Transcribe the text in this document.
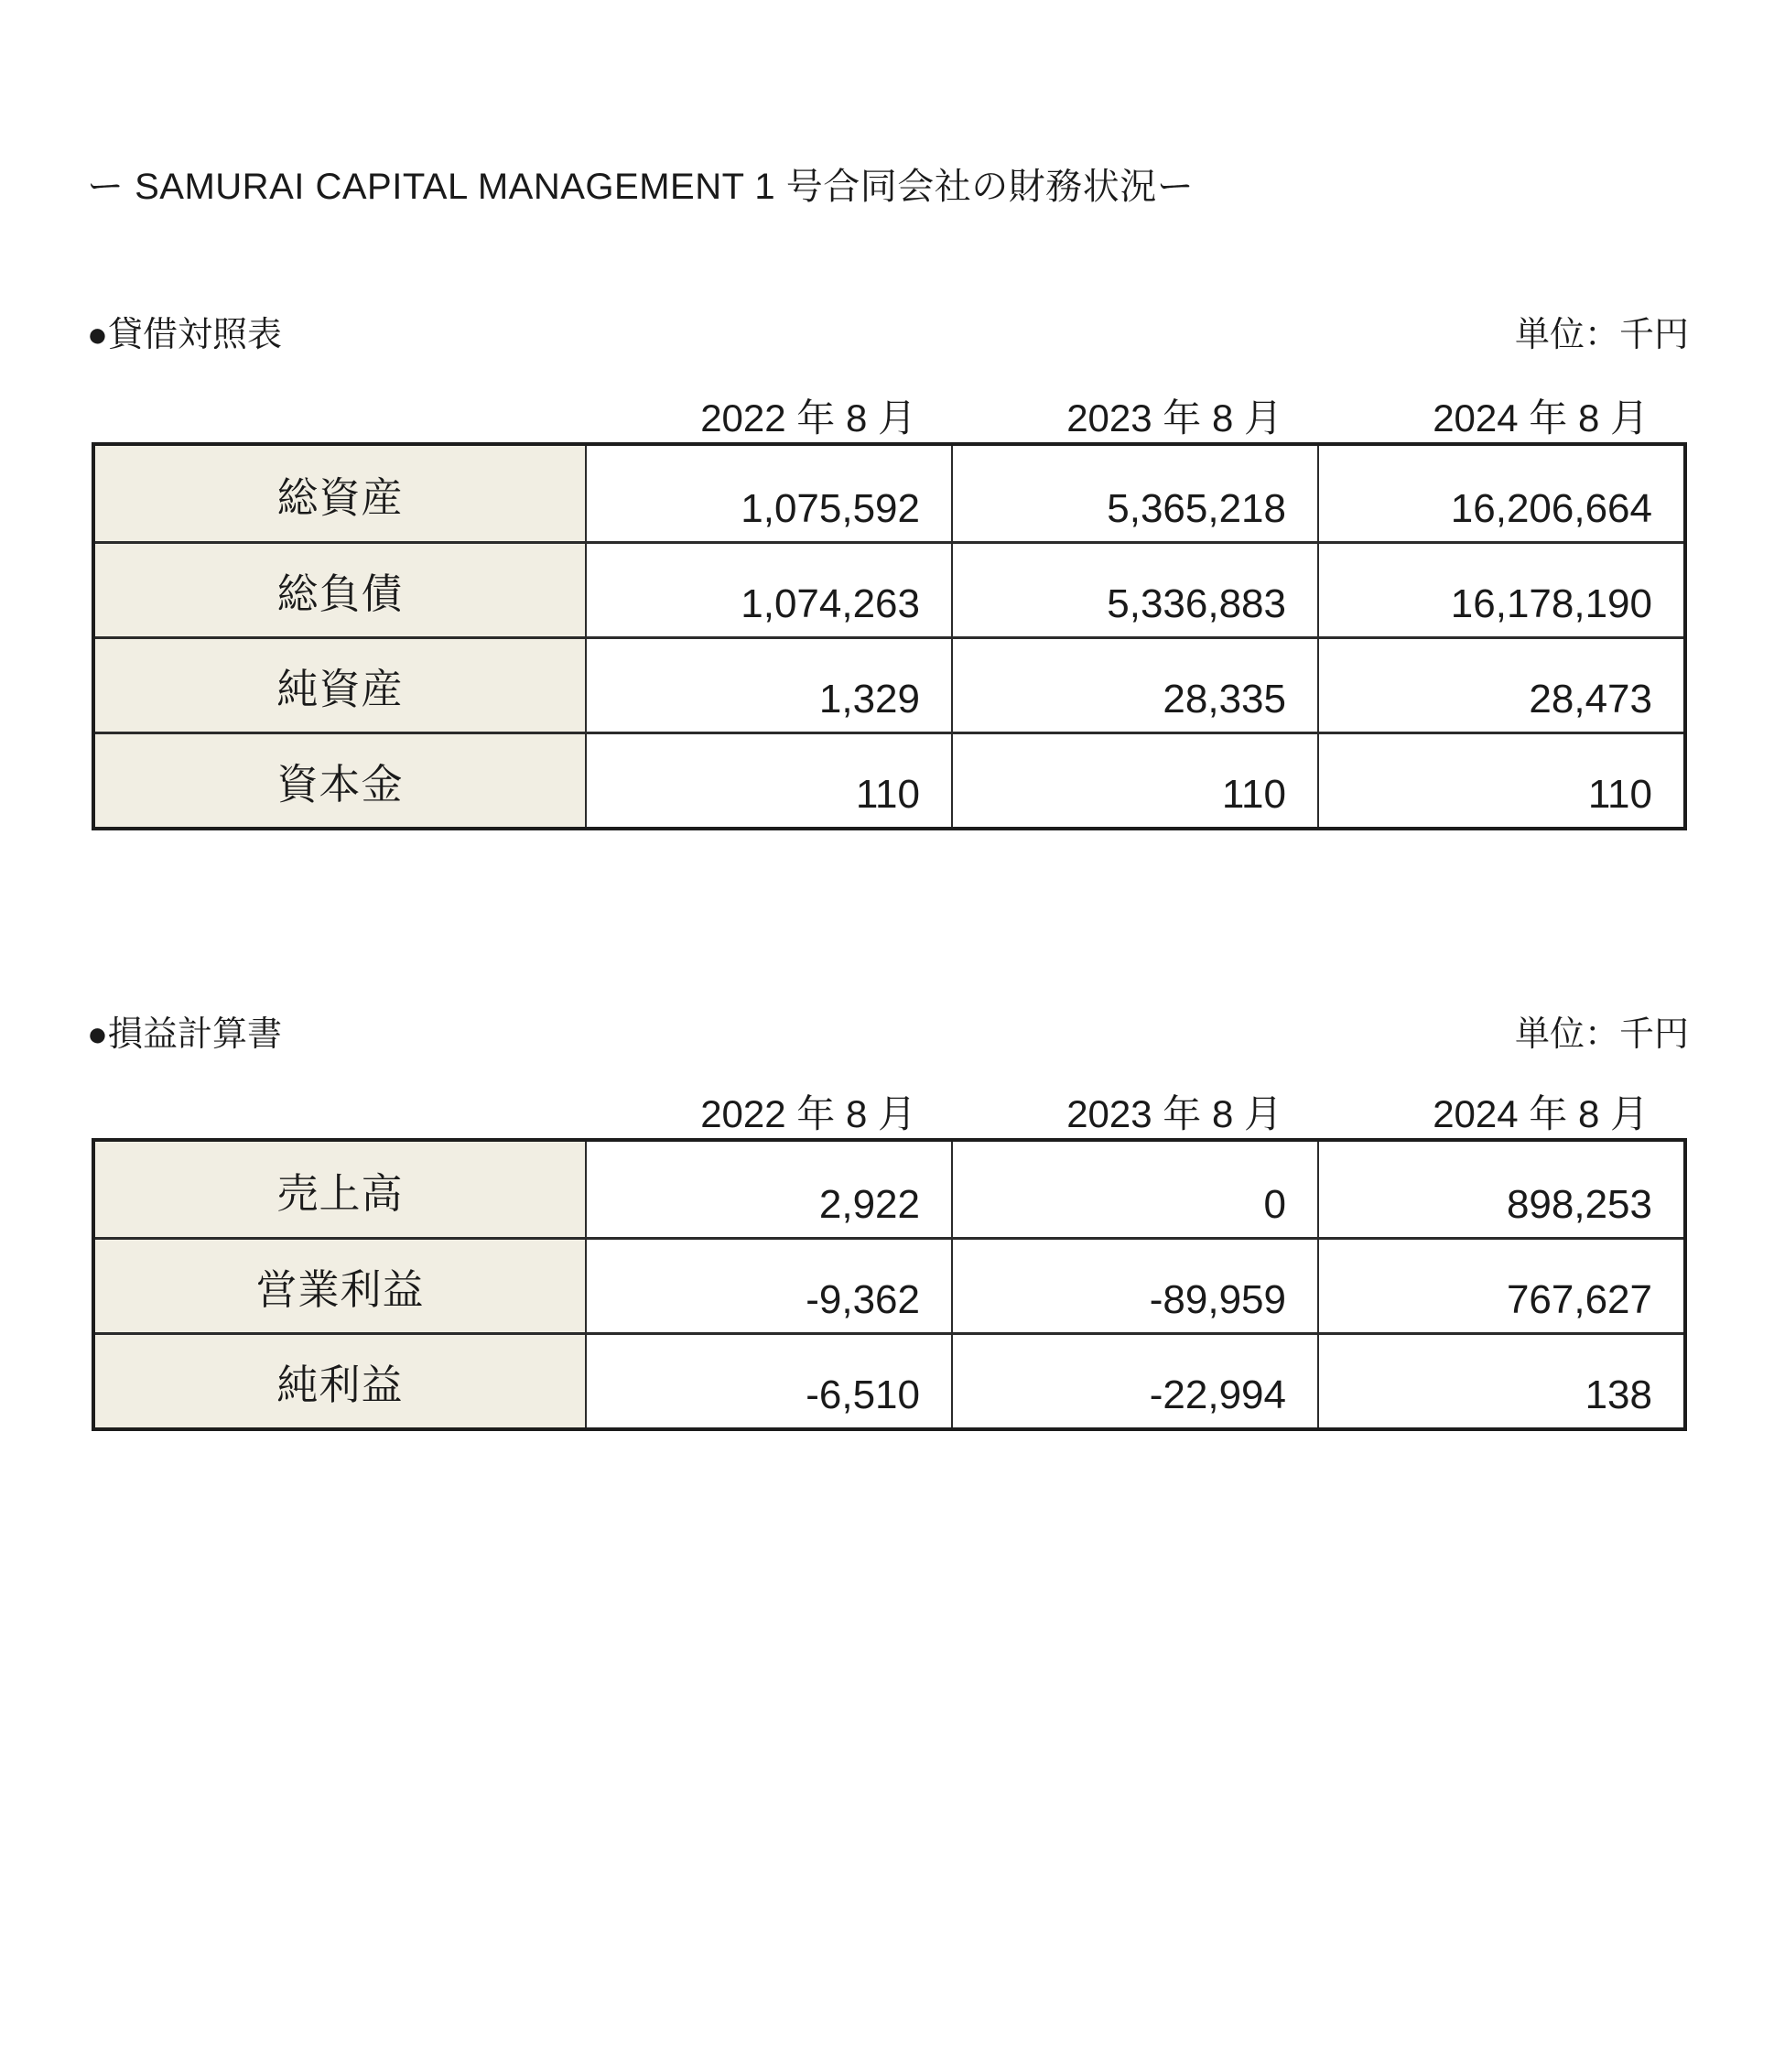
ー SAMURAI CAPITAL MANAGEMENT 1 号合同会社の財務状況ー
●貸借対照表	単位：千円
2022 年 8 月	2023 年 8 月	2024 年 8 月
総資産	1,075,592	5,365,218	16,206,664
総負債	1,074,263	5,336,883	16,178,190
純資産	1,329	28,335	28,473
資本金	110	110	110
●損益計算書	単位：千円
2022 年 8 月	2023 年 8 月	2024 年 8 月
売上高	2,922	0	898,253
営業利益	-9,362	-89,959	767,627
純利益	-6,510	-22,994	138
